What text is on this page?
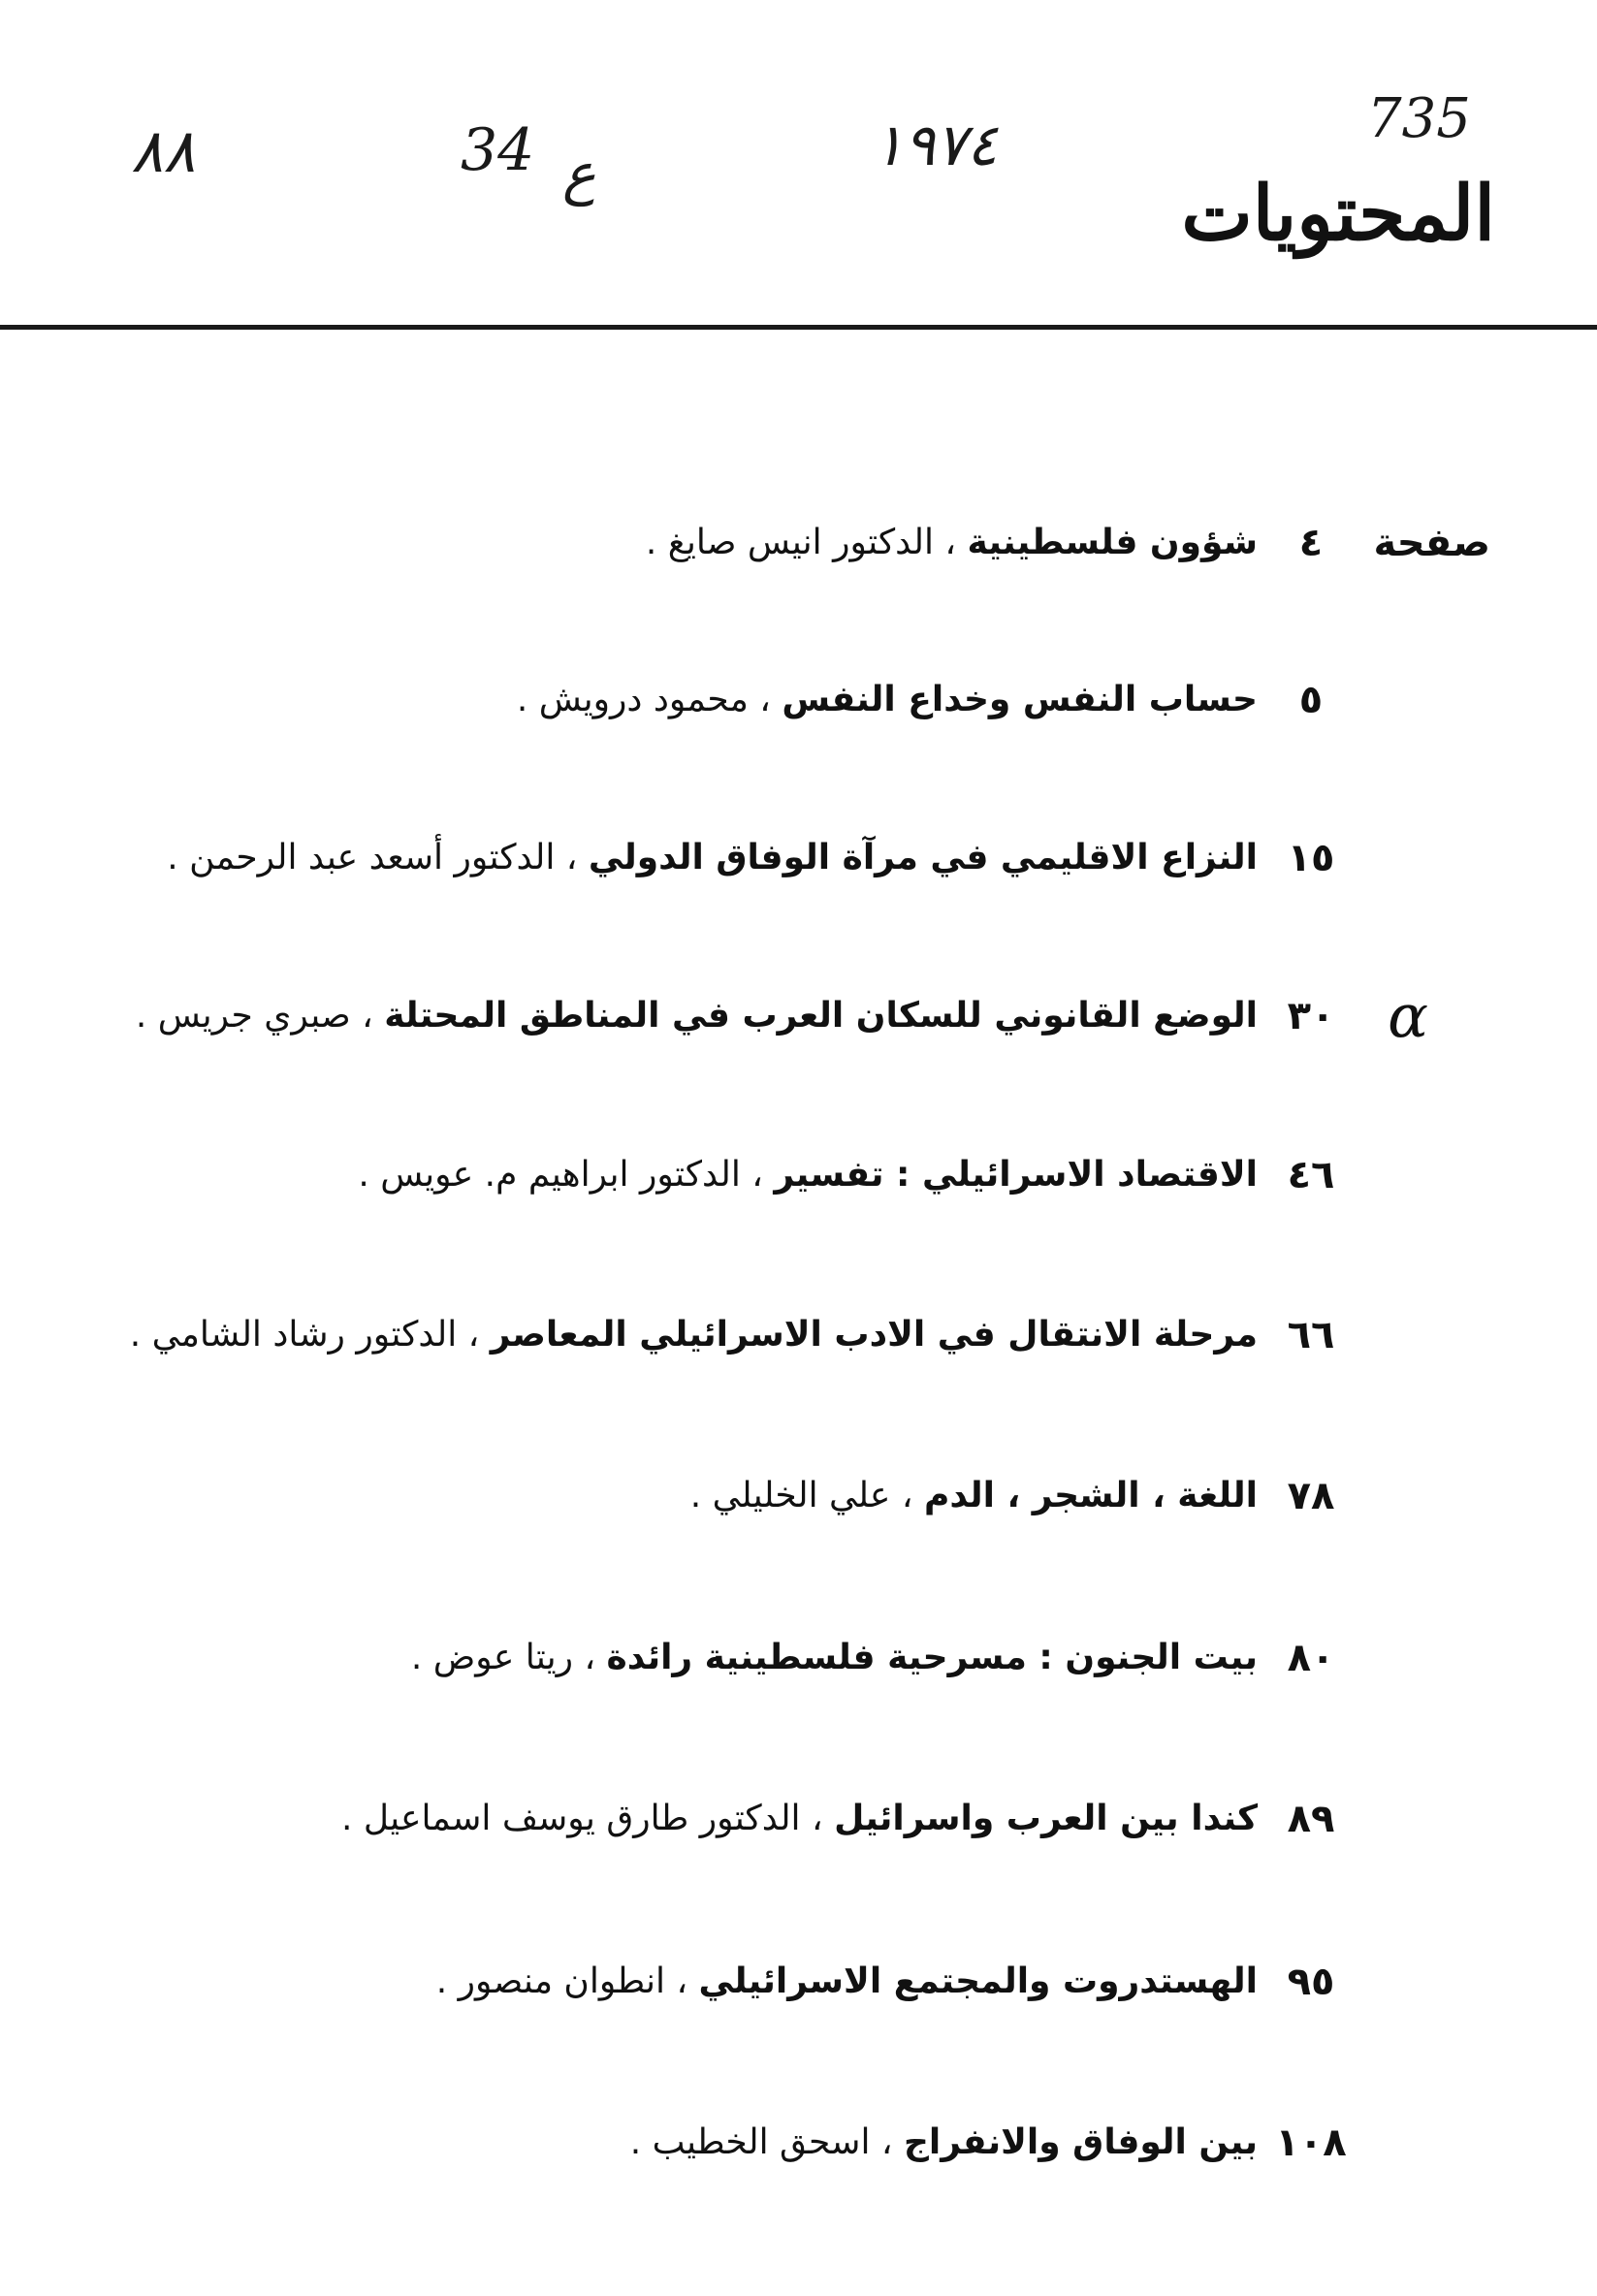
735
١٩٧٤
ع
34
٨٨
المحتويات
صفحة
٤
شؤون فلسطينية ، الدكتور انيس صايغ .
٥
حساب النفس وخداع النفس ، محمود درويش .
١٥
النزاع الاقليمي في مرآة الوفاق الدولي ، الدكتور أسعد عبد الرحمن .
α
٣٠
الوضع القانوني للسكان العرب في المناطق المحتلة ، صبري جريس .
٤٦
الاقتصاد الاسرائيلي : تفسير ، الدكتور ابراهيم م. عويس .
٦٦
مرحلة الانتقال في الادب الاسرائيلي المعاصر ، الدكتور رشاد الشامي .
٧٨
اللغة ، الشجر ، الدم ، علي الخليلي .
٨٠
بيت الجنون : مسرحية فلسطينية رائدة ، ريتا عوض .
٨٩
كندا بين العرب واسرائيل ، الدكتور طارق يوسف اسماعيل .
٩٥
الهستدروت والمجتمع الاسرائيلي ، انطوان منصور .
١٠٨
بين الوفاق والانفراج ، اسحق الخطيب .
